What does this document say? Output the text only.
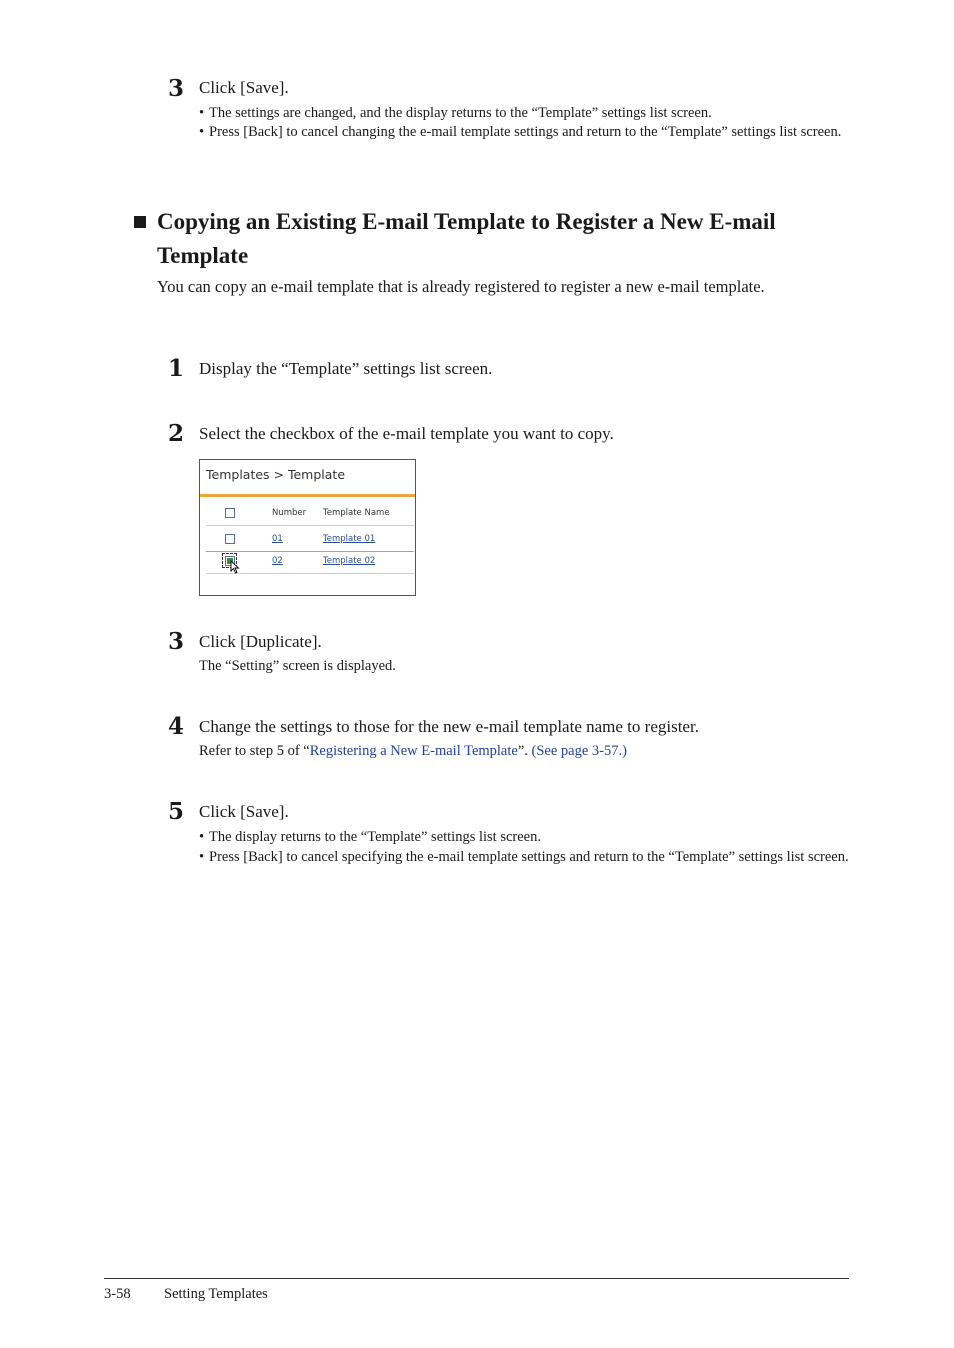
3 Click [Save].
• The settings are changed, and the display returns to the “Template” settings list screen.
• Press [Back] to cancel changing the e-mail template settings and return to the “Template” settings list screen.
Copying an Existing E-mail Template to Register a New E-mail Template
You can copy an e-mail template that is already registered to register a new e-mail template.
1 Display the “Template” settings list screen.
2 Select the checkbox of the e-mail template you want to copy.
Templates > Template
Number Template Name
01	Template 01
02	Template 02
3 Click [Duplicate].
The “Setting” screen is displayed.
4 Change the settings to those for the new e-mail template name to register.
Refer to step 5 of “Registering a New E-mail Template”. (See page 3-57.)
5 Click [Save].
• The display returns to the “Template” settings list screen.
• Press [Back] to cancel specifying the e-mail template settings and return to the “Template” settings list screen.
3-58 Setting Templates
